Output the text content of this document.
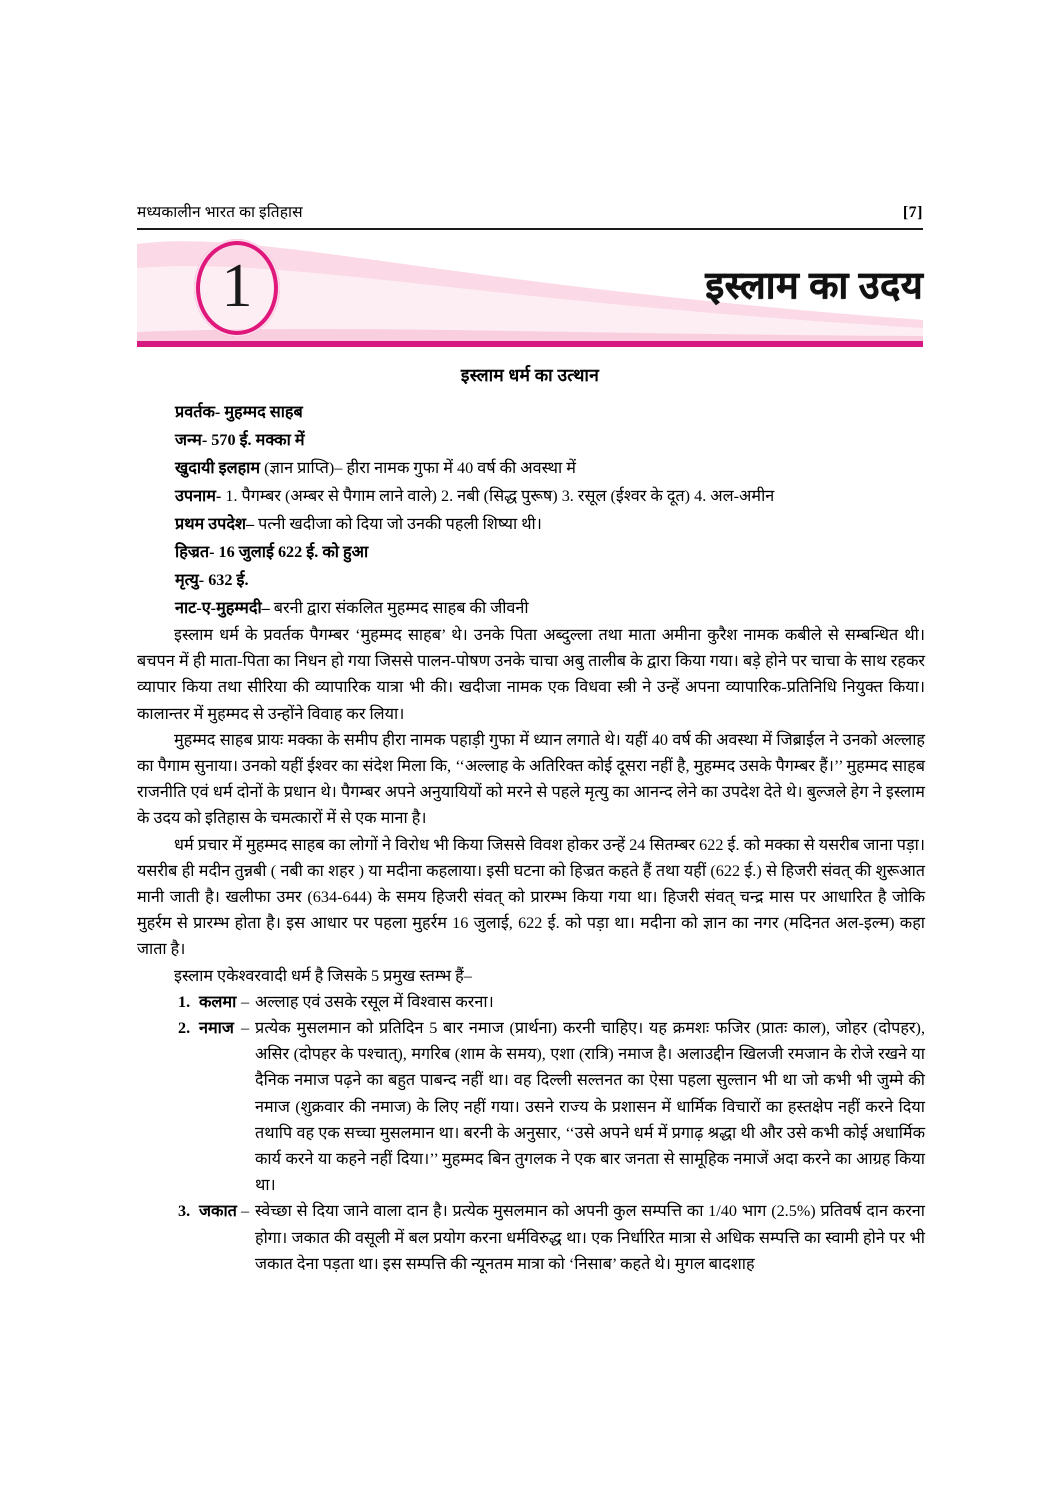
मध्यकालीन भारत का इतिहास	[7]
1	इस्लाम का उदय
इस्लाम धर्म का उत्थान
प्रवर्तक- मुहम्मद साहब
जन्म- 570 ई. मक्का में
खुदायी इलहाम (ज्ञान प्राप्ति)– हीरा नामक गुफा में 40 वर्ष की अवस्था में
उपनाम- 1. पैगम्बर (अम्बर से पैगाम लाने वाले) 2. नबी (सिद्ध पुरूष) 3. रसूल (ईश्वर के दूत) 4. अल-अमीन
प्रथम उपदेश– पत्नी खदीजा को दिया जो उनकी पहली शिष्या थी।
हिज्रत- 16 जुलाई 622 ई. को हुआ
मृत्यु- 632 ई.
नाट-ए-मुहम्मदी– बरनी द्वारा संकलित मुहम्मद साहब की जीवनी

इस्लाम धर्म के प्रवर्तक पैगम्बर ‘मुहम्मद साहब’ थे। उनके पिता अब्दुल्ला तथा माता अमीना कुरैश नामक कबीले से सम्बन्धित थी। बचपन में ही माता-पिता का निधन हो गया जिससे पालन-पोषण उनके चाचा अबु तालीब के द्वारा किया गया। बड़े होने पर चाचा के साथ रहकर व्यापार किया तथा सीरिया की व्यापारिक यात्रा भी की। खदीजा नामक एक विधवा स्त्री ने उन्हें अपना व्यापारिक-प्रतिनिधि नियुक्त किया। कालान्तर में मुहम्मद से उन्होंने विवाह कर लिया।

मुहम्मद साहब प्रायः मक्का के समीप हीरा नामक पहाड़ी गुफा में ध्यान लगाते थे। यहीं 40 वर्ष की अवस्था में जिब्राईल ने उनको अल्लाह का पैगाम सुनाया। उनको यहीं ईश्वर का संदेश मिला कि, ‘‘अल्लाह के अतिरिक्त कोई दूसरा नहीं है, मुहम्मद उसके पैगम्बर हैं।’’ मुहम्मद साहब राजनीति एवं धर्म दोनों के प्रधान थे। पैगम्बर अपने अनुयायियों को मरने से पहले मृत्यु का आनन्द लेने का उपदेश देते थे। बुल्जले हेग ने इस्लाम के उदय को इतिहास के चमत्कारों में से एक माना है।

धर्म प्रचार में मुहम्मद साहब का लोगों ने विरोध भी किया जिससे विवश होकर उन्हें 24 सितम्बर 622 ई. को मक्का से यसरीब जाना पड़ा। यसरीब ही मदीन तुन्नबी ( नबी का शहर ) या मदीना कहलाया। इसी घटना को हिज्रत कहते हैं तथा यहीं (622 ई.) से हिजरी संवत् की शुरूआत मानी जाती है। खलीफा उमर (634-644) के समय हिजरी संवत् को प्रारम्भ किया गया था। हिजरी संवत् चन्द्र मास पर आधारित है जोकि मुहर्रम से प्रारम्भ होता है। इस आधार पर पहला मुहर्रम 16 जुलाई, 622 ई. को पड़ा था। मदीना को ज्ञान का नगर (मदिनत अल-इल्म) कहा जाता है।

इस्लाम एकेश्वरवादी धर्म है जिसके 5 प्रमुख स्तम्भ हैं–

1. कलमा – अल्लाह एवं उसके रसूल में विश्वास करना।
2. नमाज – प्रत्येक मुसलमान को प्रतिदिन 5 बार नमाज (प्रार्थना) करनी चाहिए। यह क्रमशः फजिर (प्रातः काल), जोहर (दोपहर), असिर (दोपहर के पश्चात्), मगरिब (शाम के समय), एशा (रात्रि) नमाज है। अलाउद्दीन खिलजी रमजान के रोजे रखने या दैनिक नमाज पढ़ने का बहुत पाबन्द नहीं था। वह दिल्ली सल्तनत का ऐसा पहला सुल्तान भी था जो कभी भी जुम्मे की नमाज (शुक्रवार की नमाज) के लिए नहीं गया। उसने राज्य के प्रशासन में धार्मिक विचारों का हस्तक्षेप नहीं करने दिया तथापि वह एक सच्चा मुसलमान था। बरनी के अनुसार, ‘‘उसे अपने धर्म में प्रगाढ़ श्रद्धा थी और उसे कभी कोई अधार्मिक कार्य करने या कहने नहीं दिया।’’ मुहम्मद बिन तुगलक ने एक बार जनता से सामूहिक नमाजें अदा करने का आग्रह किया था।
3. जकात – स्वेच्छा से दिया जाने वाला दान है। प्रत्येक मुसलमान को अपनी कुल सम्पत्ति का 1/40 भाग (2.5%) प्रतिवर्ष दान करना होगा। जकात की वसूली में बल प्रयोग करना धर्मविरुद्ध था। एक निर्धारित मात्रा से अधिक सम्पत्ति का स्वामी होने पर भी जकात देना पड़ता था। इस सम्पत्ति की न्यूनतम मात्रा को ‘निसाब’ कहते थे। मुगल बादशाह
